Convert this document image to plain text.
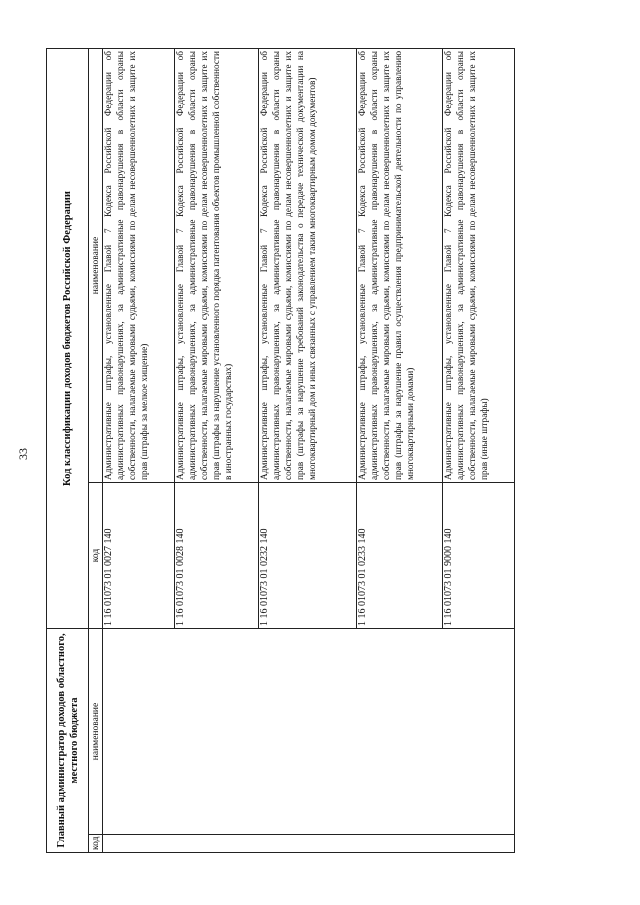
33
Главный администратор доходов областного, местного бюджета		Код классификации доходов бюджетов Российской Федерации	
код	наименование	код	наименование
		1 16 01073 01 0027 140	Административные штрафы, установленные Главой 7 Кодекса Российской Федерации об административных правонарушениях, за административные правонарушения в области охраны собственности, налагаемые мировыми судьями, комиссиями по делам несовершеннолетних и защите их прав (штрафы за мелкое хищение)
		1 16 01073 01 0028 140	Административные штрафы, установленные Главой 7 Кодекса Российской Федерации об административных правонарушениях, за административные правонарушения в области охраны собственности, налагаемые мировыми судьями, комиссиями по делам несовершеннолетних и защите их прав (штрафы за нарушение установленного порядка патентования объектов промышленной собственности в иностранных государствах)
		1 16 01073 01 0232 140	Административные штрафы, установленные Главой 7 Кодекса Российской Федерации об административных правонарушениях, за административные правонарушения в области охраны собственности, налагаемые мировыми судьями, комиссиями по делам несовершеннолетних и защите их прав (штрафы за нарушение требований законодательства о передаче технической документации на многоквартирный дом и иных связанных с управлением таким многоквартирным домом документов)
		1 16 01073 01 0233 140	Административные штрафы, установленные Главой 7 Кодекса Российской Федерации об административных правонарушениях, за административные правонарушения в области охраны собственности, налагаемые мировыми судьями, комиссиями по делам несовершеннолетних и защите их прав (штрафы за нарушение правил осуществления предпринимательской деятельности по управлению многоквартирными домами)
		1 16 01073 01 9000 140	Административные штрафы, установленные Главой 7 Кодекса Российской Федерации об административных правонарушениях, за административные правонарушения в области охраны собственности, налагаемые мировыми судьями, комиссиями по делам несовершеннолетних и защите их прав (иные штрафы)
